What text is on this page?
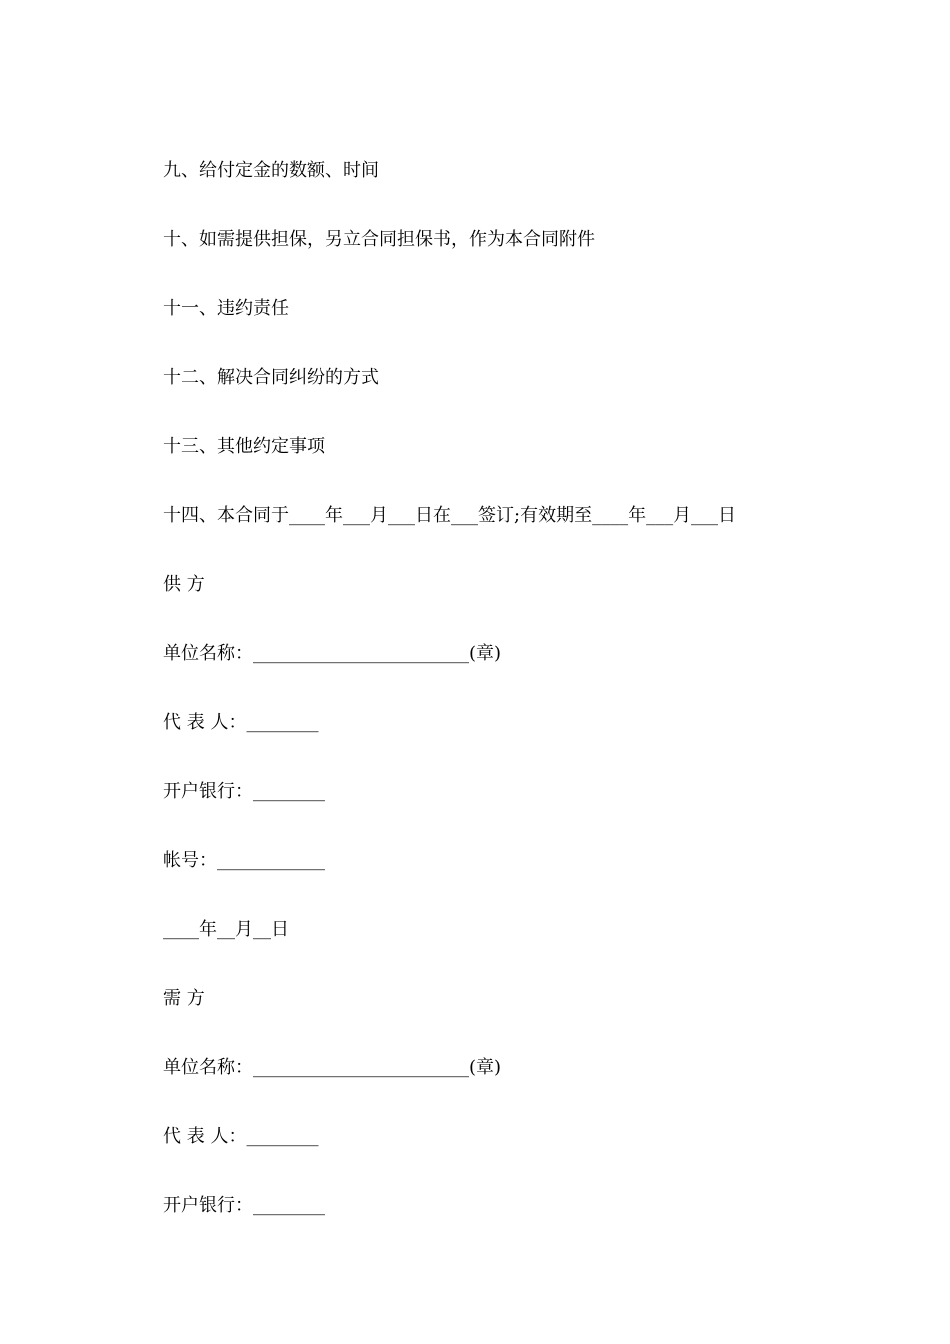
九、给付定金的数额、时间

十、如需提供担保，另立合同担保书，作为本合同附件

十一、违约责任

十二、解决合同纠纷的方式

十三、其他约定事项

十四、本合同于____年___月___日在___签订;有效期至____年___月___日

供 方

单位名称：________________________(章)

代 表 人：________

开户银行：________

帐号：____________

____年__月__日

需 方

单位名称：________________________(章)

代 表 人：________

开户银行：________
